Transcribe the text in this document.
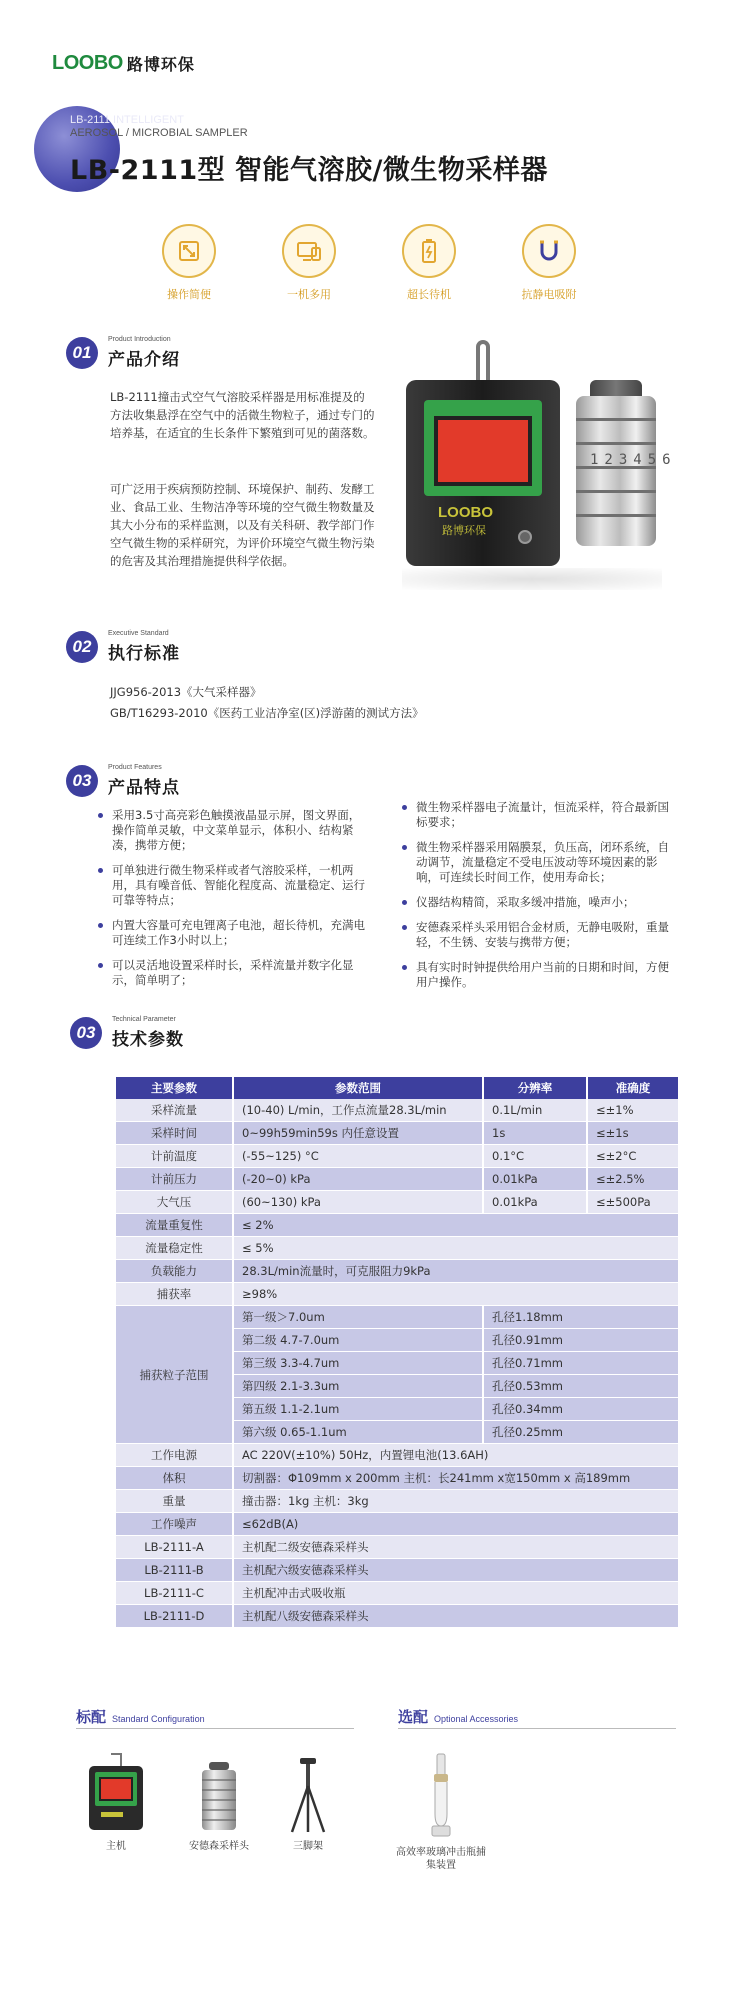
LOOBO 路博环保
LB-2111 INTELLIGENT
AEROSOL / MICROBIAL SAMPLER
LB-2111型 智能气溶胶/微生物采样器
操作简便	一机多用	超长待机	抗静电吸附
01
Product Introduction
产品介绍
LB-2111撞击式空气气溶胶采样器是用标准提及的方法收集悬浮在空气中的活微生物粒子，通过专门的培养基，在适宜的生长条件下繁殖到可见的菌落数。
可广泛用于疾病预防控制、环境保护、制药、发酵工业、食品工业、生物洁净等环境的空气微生物数量及其大小分布的采样监测，以及有关科研、教学部门作空气微生物的采样研究，为评价环境空气微生物污染的危害及其治理措施提供科学依据。
LOOBO
路博环保
123456
02
Executive Standard
执行标准
JJG956-2013《大气采样器》
GB/T16293-2010《医药工业洁净室(区)浮游菌的测试方法》
03
Product Features
产品特点
采用3.5寸高亮彩色触摸液晶显示屏，图文界面，操作简单灵敏，中文菜单显示，体积小、结构紧凑，携带方便；
可单独进行微生物采样或者气溶胶采样，一机两用，具有噪音低、智能化程度高、流量稳定、运行可靠等特点；
内置大容量可充电锂离子电池，超长待机，充满电可连续工作3小时以上；
可以灵活地设置采样时长，采样流量并数字化显示，简单明了；
微生物采样器电子流量计，恒流采样，符合最新国标要求；
微生物采样器采用隔膜泵，负压高，闭环系统，自动调节，流量稳定不受电压波动等环境因素的影响，可连续长时间工作，使用寿命长；
仪器结构精简，采取多缓冲措施，噪声小；
安德森采样头采用铝合金材质，无静电吸附，重量轻，不生锈、安装与携带方便；
具有实时时钟提供给用户当前的日期和时间，方便用户操作。
03
Technical Parameter
技术参数
主要参数	参数范围	分辨率	准确度
采样流量	(10-40) L/min，工作点流量28.3L/min	0.1L/min	≤±1%
采样时间	0~99h59min59s 内任意设置	1s	≤±1s
计前温度	(-55~125) °C	0.1°C	≤±2°C
计前压力	(-20~0) kPa	0.01kPa	≤±2.5%
大气压	(60~130) kPa	0.01kPa	≤±500Pa
流量重复性	≤ 2%		
流量稳定性	≤ 5%		
负载能力	28.3L/min流量时，可克服阻力9kPa		
捕获率	≥98%		
捕获粒子范围	第一级＞7.0um	孔径1.18mm	
	第二级 4.7-7.0um	孔径0.91mm	
	第三级 3.3-4.7um	孔径0.71mm	
	第四级 2.1-3.3um	孔径0.53mm	
	第五级 1.1-2.1um	孔径0.34mm	
	第六级 0.65-1.1um	孔径0.25mm	
工作电源	AC 220V(±10%) 50Hz，内置锂电池(13.6AH)		
体积	切割器：Φ109mm x 200mm 主机：长241mm x宽150mm x 高189mm		
重量	撞击器：1kg 主机：3kg		
工作噪声	≤62dB(A)		
LB-2111-A	主机配二级安德森采样头		
LB-2111-B	主机配六级安德森采样头		
LB-2111-C	主机配冲击式吸收瓶		
LB-2111-D	主机配八级安德森采样头		
标配 Standard Configuration	选配 Optional Accessories
主机	安德森采样头	三脚架
高效率玻璃冲击瓶捕集装置
